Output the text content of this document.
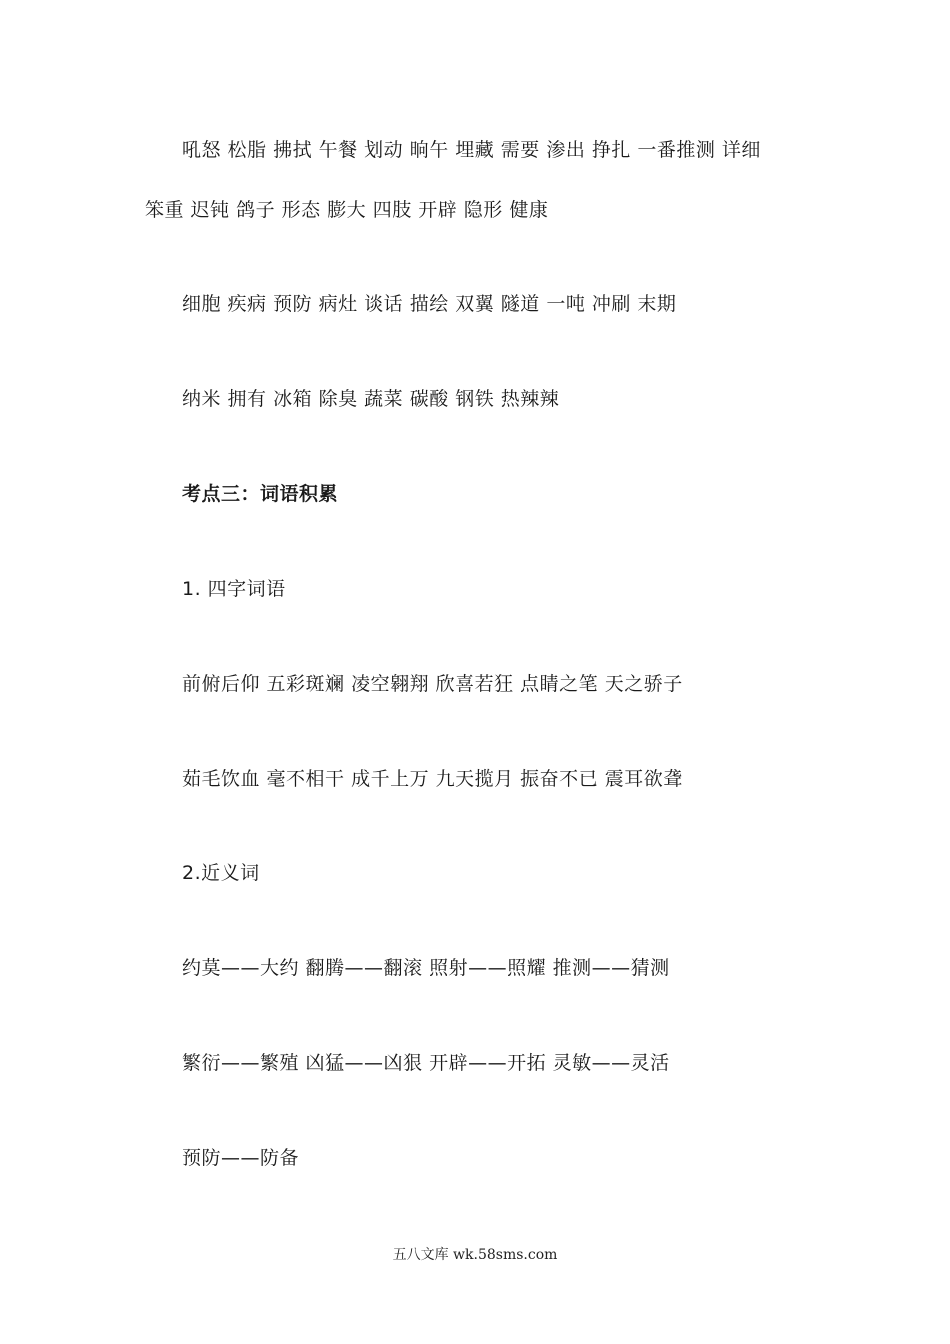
吼怒 松脂 拂拭 午餐 划动 晌午 埋藏 需要 渗出 挣扎 一番推测 详细
笨重 迟钝 鸽子 形态 膨大 四肢 开辟 隐形 健康
细胞 疾病 预防 病灶 谈话 描绘 双翼 隧道 一吨 冲刷 末期
纳米 拥有 冰箱 除臭 蔬菜 碳酸 钢铁 热辣辣
考点三：词语积累
1. 四字词语
前俯后仰 五彩斑斓 凌空翱翔 欣喜若狂 点睛之笔 天之骄子
茹毛饮血 毫不相干 成千上万 九天揽月 振奋不已 震耳欲聋
2.近义词
约莫——大约 翻腾——翻滚 照射——照耀 推测——猜测
繁衍——繁殖 凶猛——凶狠 开辟——开拓 灵敏——灵活
预防——防备
五八文库 wk.58sms.com
